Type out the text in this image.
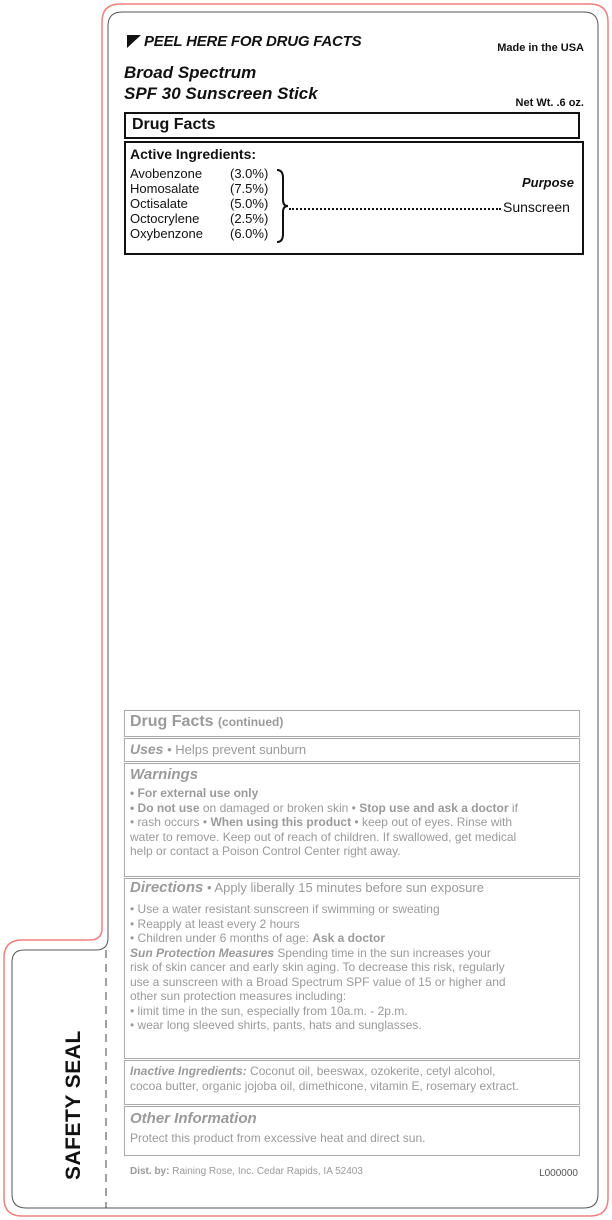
PEEL HERE FOR DRUG FACTS	Made in the USA
Broad Spectrum
SPF 30 Sunscreen Stick	Net Wt. .6 oz.
Drug Facts
Active Ingredients:
Avobenzone	(3.0%)
Homosalate	(7.5%)
Octisalate	(5.0%)
Octocrylene	(2.5%)
Oxybenzone	(6.0%)
Purpose
Sunscreen
Drug Facts (continued)
Uses • Helps prevent sunburn
Warnings
• For external use only
• Do not use on damaged or broken skin • Stop use and ask a doctor if
• rash occurs • When using this product • keep out of eyes. Rinse with
water to remove. Keep out of reach of children. If swallowed, get medical
help or contact a Poison Control Center right away.
Directions • Apply liberally 15 minutes before sun exposure
• Use a water resistant sunscreen if swimming or sweating
• Reapply at least every 2 hours
• Children under 6 months of age: Ask a doctor
Sun Protection Measures Spending time in the sun increases your
risk of skin cancer and early skin aging. To decrease this risk, regularly
use a sunscreen with a Broad Spectrum SPF value of 15 or higher and
other sun protection measures including:
• limit time in the sun, especially from 10a.m. - 2p.m.
• wear long sleeved shirts, pants, hats and sunglasses.
Inactive Ingredients: Coconut oil, beeswax, ozokerite, cetyl alcohol,
cocoa butter, organic jojoba oil, dimethicone, vitamin E, rosemary extract.
Other Information
Protect this product from excessive heat and direct sun.
Dist. by: Raining Rose, Inc. Cedar Rapids, IA 52403	L000000
SAFETY SEAL
